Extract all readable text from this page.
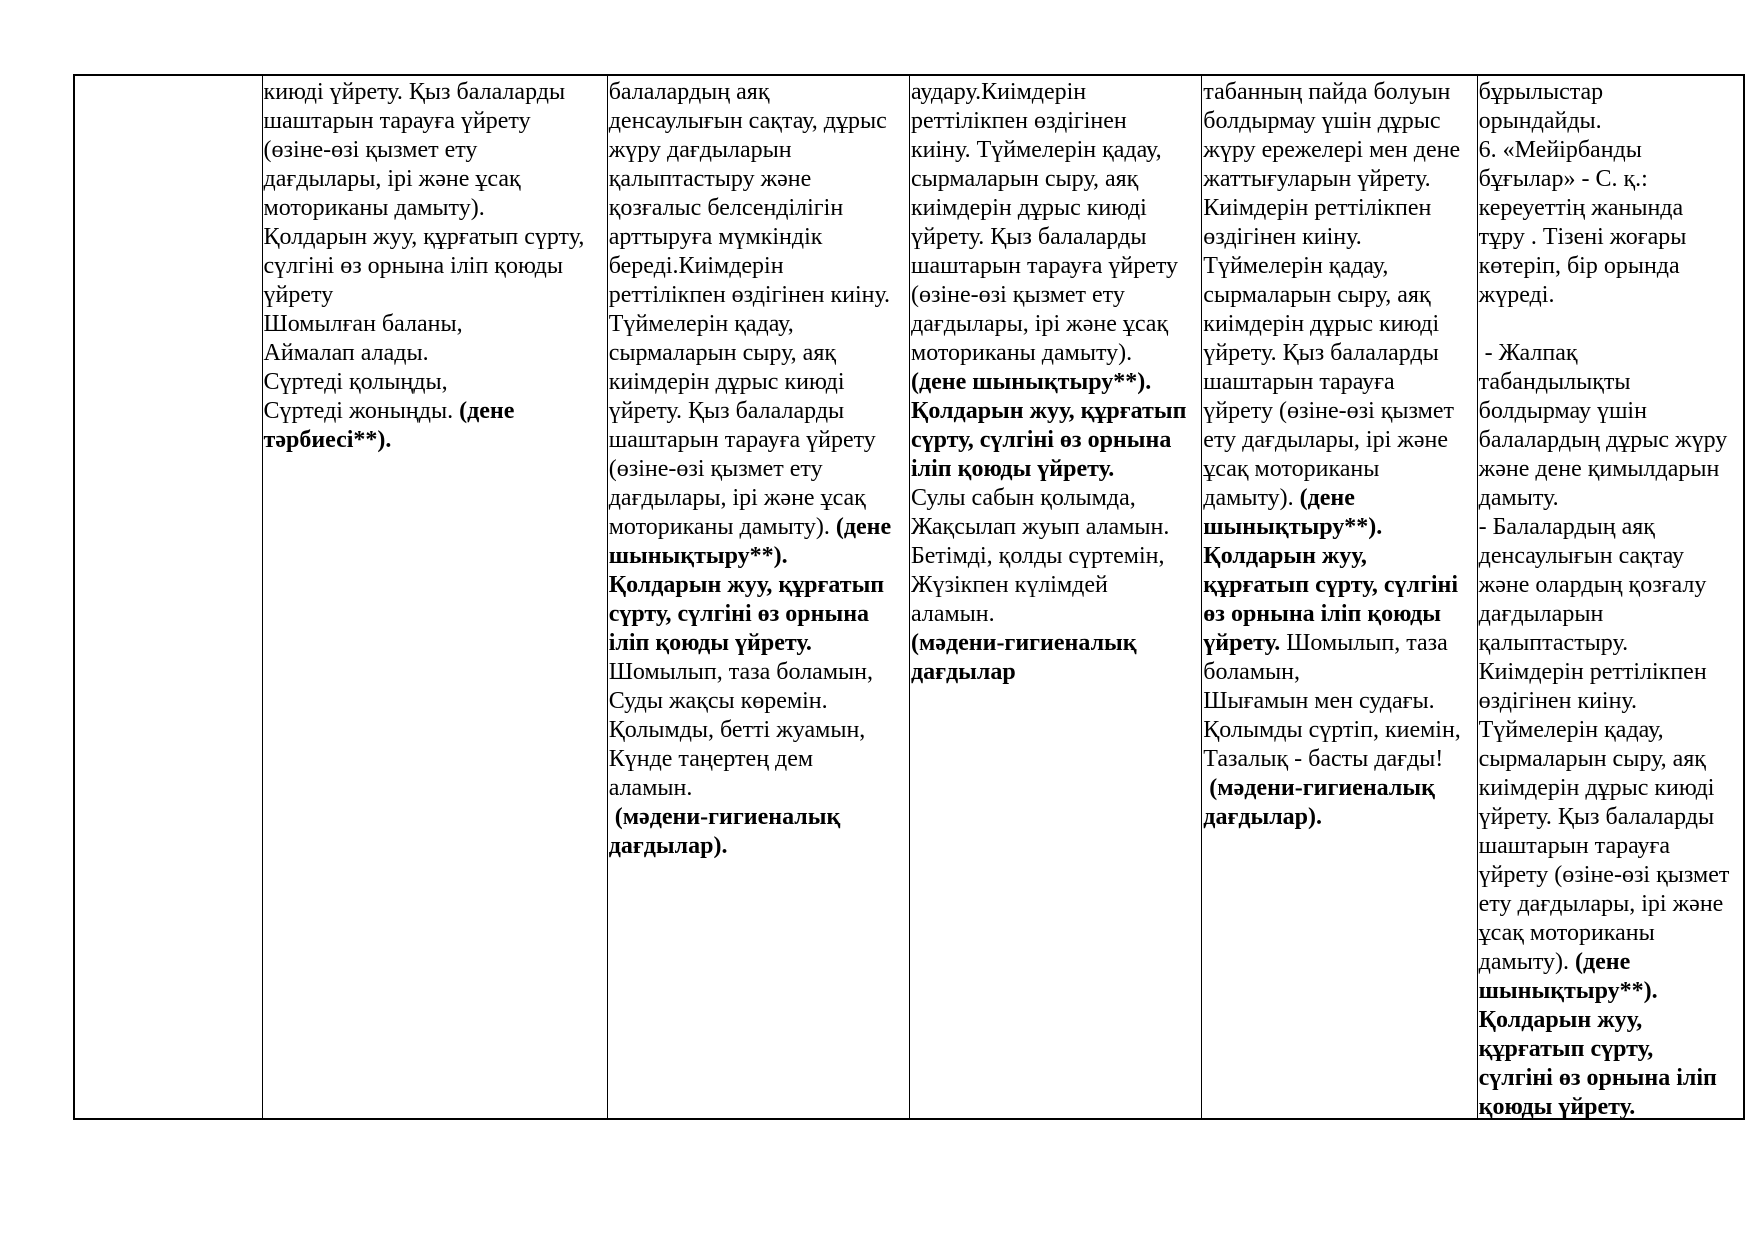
киюді үйрету. Қыз балаларды
шаштарын тарауға үйрету
(өзіне-өзі қызмет ету
дағдылары, ірі және ұсақ
моториканы дамыту).
Қолдарын жуу, құрғатып сүрту,
сүлгіні өз орнына іліп қоюды
үйрету
Шомылған баланы,
Аймалап алады.
Сүртеді қолыңды,
Сүртеді жоныңды. (дене
тәрбиесі**).
балалардың аяқ
денсаулығын сақтау, дұрыс
жүру дағдыларын
қалыптастыру және
қозғалыс белсенділігін
арттыруға мүмкіндік
береді.Киімдерін
реттілікпен өздігінен киіну.
Түймелерін қадау,
сырмаларын сыру, аяқ
киімдерін дұрыс киюді
үйрету. Қыз балаларды
шаштарын тарауға үйрету
(өзіне-өзі қызмет ету
дағдылары, ірі және ұсақ
моториканы дамыту). (дене
шынықтыру**).
Қолдарын жуу, құрғатып
сүрту, сүлгіні өз орнына
іліп қоюды үйрету.
Шомылып, таза боламын,
Суды жақсы көремін.
Қолымды, бетті жуамын,
Күнде таңертең дем
аламын.
(мәдени-гигиеналық
дағдылар).
аудару.Киімдерін
реттілікпен өздігінен
киіну. Түймелерін қадау,
сырмаларын сыру, аяқ
киімдерін дұрыс киюді
үйрету. Қыз балаларды
шаштарын тарауға үйрету
(өзіне-өзі қызмет ету
дағдылары, ірі және ұсақ
моториканы дамыту).
(дене шынықтыру**).
Қолдарын жуу, құрғатып
сүрту, сүлгіні өз орнына
іліп қоюды үйрету.
Сулы сабын қолымда,
Жақсылап жуып аламын.
Бетімді, қолды сүртемін,
Жүзікпен күлімдей
аламын.
(мәдени-гигиеналық
дағдылар
табанның пайда болуын
болдырмау үшін дұрыс
жүру ережелері мен дене
жаттығуларын үйрету.
Киімдерін реттілікпен
өздігінен киіну.
Түймелерін қадау,
сырмаларын сыру, аяқ
киімдерін дұрыс киюді
үйрету. Қыз балаларды
шаштарын тарауға
үйрету (өзіне-өзі қызмет
ету дағдылары, ірі және
ұсақ моториканы
дамыту). (дене
шынықтыру**).
Қолдарын жуу,
құрғатып сүрту, сүлгіні
өз орнына іліп қоюды
үйрету. Шомылып, таза
боламын,
Шығамын мен судағы.
Қолымды сүртіп, киемін,
Тазалық - басты дағды!
(мәдени-гигиеналық
дағдылар).
бұрылыстар
орындайды.
6. «Мейірбанды
бұғылар» - С. қ.:
кереуеттің жанында
тұру . Тізені жоғары
көтеріп, бір орында
жүреді.

- Жалпақ
табандылықты
болдырмау үшін
балалардың дұрыс жүру
және дене қимылдарын
дамыту.
- Балалардың аяқ
денсаулығын сақтау
және олардың қозғалу
дағдыларын
қалыптастыру.
Киімдерін реттілікпен
өздігінен киіну.
Түймелерін қадау,
сырмаларын сыру, аяқ
киімдерін дұрыс киюді
үйрету. Қыз балаларды
шаштарын тарауға
үйрету (өзіне-өзі қызмет
ету дағдылары, ірі және
ұсақ моториканы
дамыту). (дене
шынықтыру**).
Қолдарын жуу,
құрғатып сүрту,
сүлгіні өз орнына іліп
қоюды үйрету.
